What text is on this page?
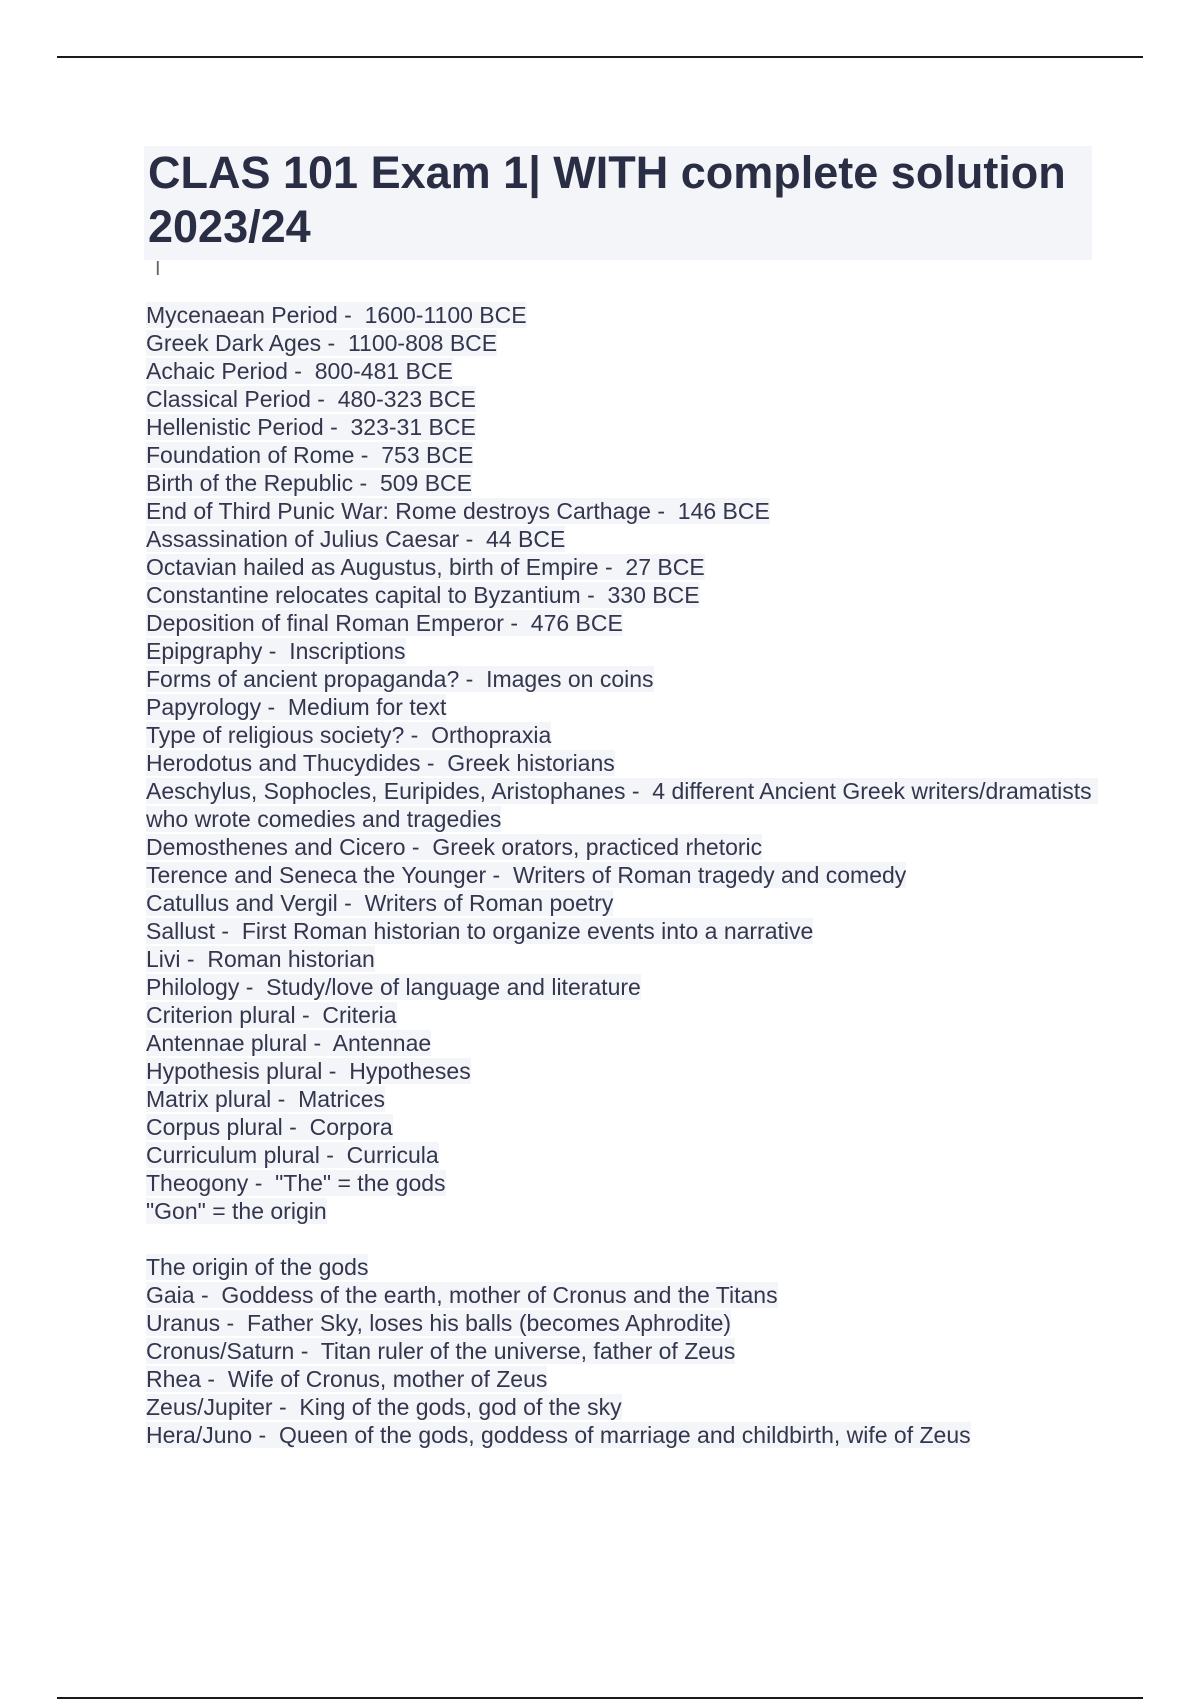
CLAS 101 Exam 1| WITH complete solution 2023/24
I
Mycenaean Period -  1600-1100 BCE
Greek Dark Ages -  1100-808 BCE
Achaic Period -  800-481 BCE
Classical Period -  480-323 BCE
Hellenistic Period -  323-31 BCE
Foundation of Rome -  753 BCE
Birth of the Republic -  509 BCE
End of Third Punic War: Rome destroys Carthage -  146 BCE
Assassination of Julius Caesar -  44 BCE
Octavian hailed as Augustus, birth of Empire -  27 BCE
Constantine relocates capital to Byzantium -  330 BCE
Deposition of final Roman Emperor -  476 BCE
Epipgraphy -  Inscriptions
Forms of ancient propaganda? -  Images on coins
Papyrology -  Medium for text
Type of religious society? -  Orthopraxia
Herodotus and Thucydides -  Greek historians
Aeschylus, Sophocles, Euripides, Aristophanes -  4 different Ancient Greek writers/dramatists who wrote comedies and tragedies
Demosthenes and Cicero -  Greek orators, practiced rhetoric
Terence and Seneca the Younger -  Writers of Roman tragedy and comedy
Catullus and Vergil -  Writers of Roman poetry
Sallust -  First Roman historian to organize events into a narrative
Livi -  Roman historian
Philology -  Study/love of language and literature
Criterion plural -  Criteria
Antennae plural -  Antennae
Hypothesis plural -  Hypotheses
Matrix plural -  Matrices
Corpus plural -  Corpora
Curriculum plural -  Curricula
Theogony -  "The" = the gods
"Gon" = the origin

The origin of the gods
Gaia -  Goddess of the earth, mother of Cronus and the Titans
Uranus -  Father Sky, loses his balls (becomes Aphrodite)
Cronus/Saturn -  Titan ruler of the universe, father of Zeus
Rhea -  Wife of Cronus, mother of Zeus
Zeus/Jupiter -  King of the gods, god of the sky
Hera/Juno -  Queen of the gods, goddess of marriage and childbirth, wife of Zeus
